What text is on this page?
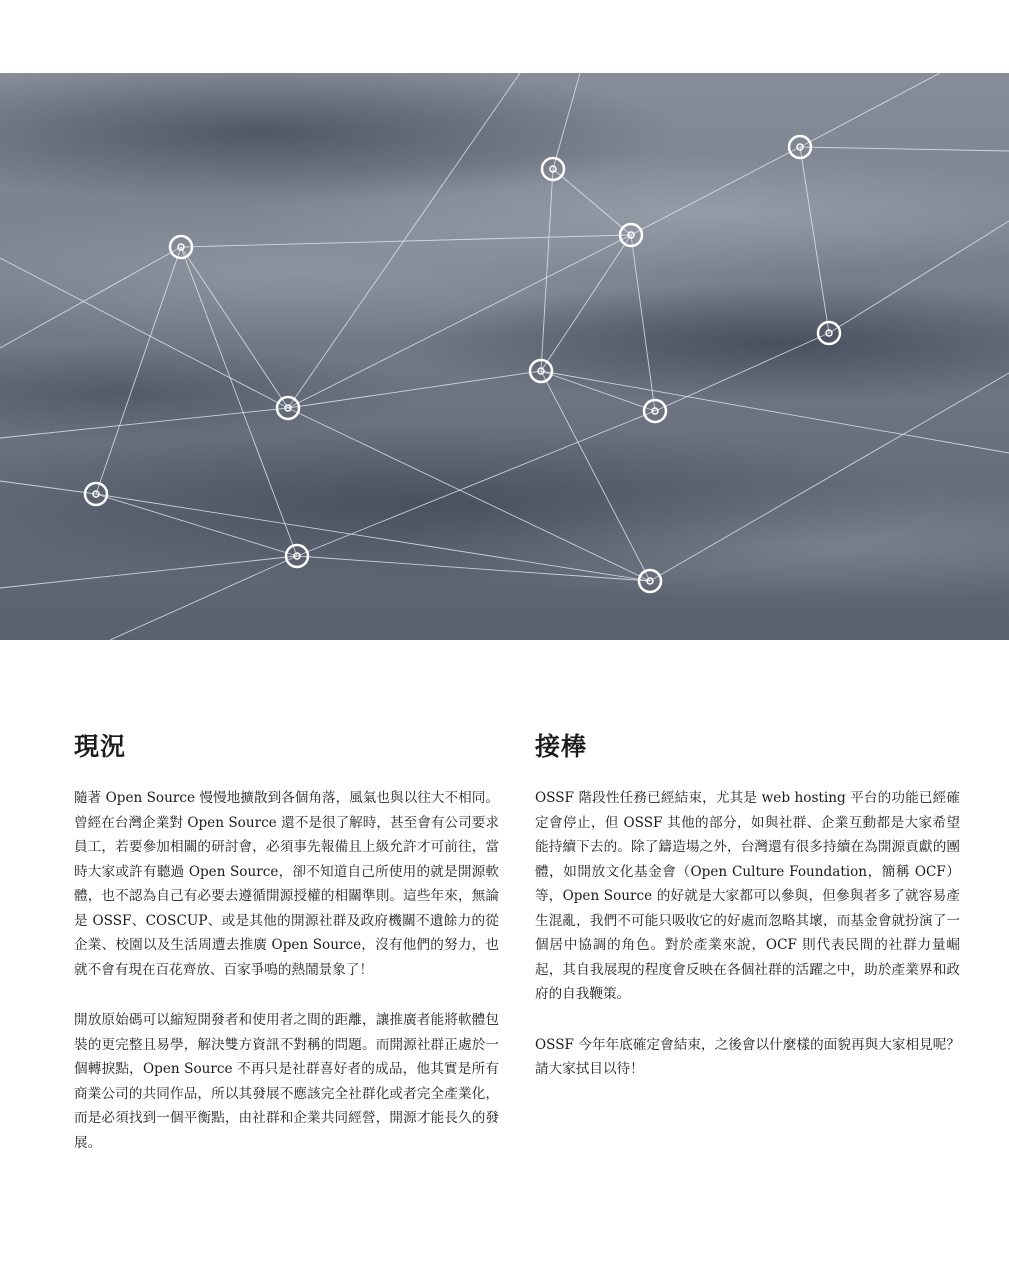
現況

隨著 Open Source 慢慢地擴散到各個角落，風氣也與以往大不相同。曾經在台灣企業對 Open Source 還不是很了解時，甚至會有公司要求員工，若要參加相關的研討會，必須事先報備且上級允許才可前往，當時大家或許有聽過 Open Source，卻不知道自己所使用的就是開源軟體，也不認為自己有必要去遵循開源授權的相關準則。這些年來，無論是 OSSF、COSCUP、或是其他的開源社群及政府機關不遺餘力的從企業、校園以及生活周遭去推廣 Open Source，沒有他們的努力，也就不會有現在百花齊放、百家爭鳴的熱鬧景象了！

開放原始碼可以縮短開發者和使用者之間的距離，讓推廣者能將軟體包裝的更完整且易學，解決雙方資訊不對稱的問題。而開源社群正處於一個轉捩點，Open Source 不再只是社群喜好者的成品，他其實是所有商業公司的共同作品，所以其發展不應該完全社群化或者完全產業化，而是必須找到一個平衡點，由社群和企業共同經營，開源才能長久的發展。

接棒

OSSF 階段性任務已經結束，尤其是 web hosting 平台的功能已經確定會停止，但 OSSF 其他的部分，如與社群、企業互動都是大家希望能持續下去的。除了鑄造場之外，台灣還有很多持續在為開源貢獻的團體，如開放文化基金會（Open Culture Foundation，簡稱 OCF）等，Open Source 的好就是大家都可以參與，但參與者多了就容易產生混亂，我們不可能只吸收它的好處而忽略其壞，而基金會就扮演了一個居中協調的角色。對於產業來說，OCF 則代表民間的社群力量崛起，其自我展現的程度會反映在各個社群的活躍之中，助於產業界和政府的自我鞭策。

OSSF 今年年底確定會結束，之後會以什麼樣的面貌再與大家相見呢？請大家拭目以待！
